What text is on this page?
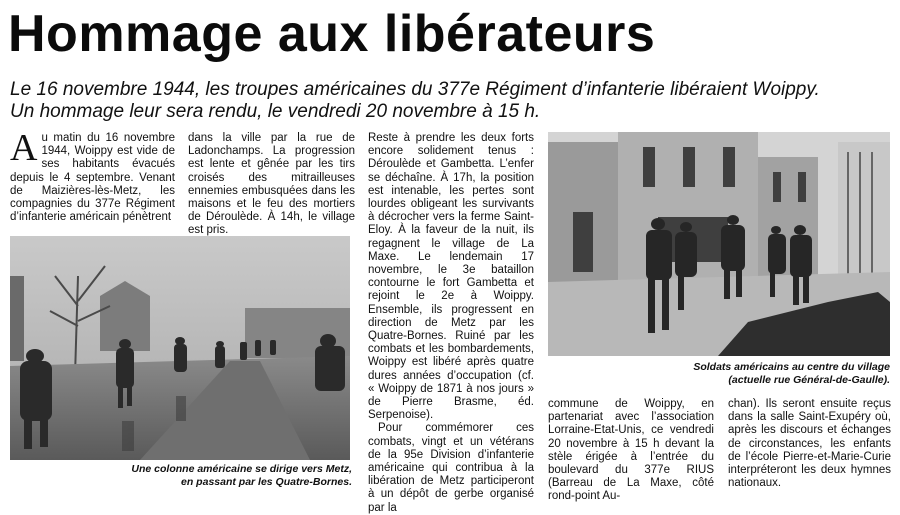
Hommage aux libérateurs
Le 16 novembre 1944, les troupes américaines du 377e Régiment d’infanterie libéraient Woippy.
Un hommage leur sera rendu, le vendredi 20 novembre à 15 h.

Au matin du 16 novembre 1944, Woippy est vide de ses habitants évacués depuis le 4 septembre. Venant de Maizières-lès-Metz, les compagnies du 377e Régiment d’infanterie américain pénètrent

dans la ville par la rue de Ladonchamps. La progression est lente et gênée par les tirs croisés des mitrailleuses ennemies embusquées dans les maisons et le feu des mortiers de Déroulède. À 14h, le village est pris.

Reste à prendre les deux forts encore solidement tenus : Déroulède et Gambetta. L’enfer se déchaîne. À 17h, la position est intenable, les pertes sont lourdes obligeant les survivants à décrocher vers la ferme Saint-Eloy. À la faveur de la nuit, ils regagnent le village de La Maxe. Le lendemain 17 novembre, le 3e bataillon contourne le fort Gambetta et rejoint le 2e à Woippy. Ensemble, ils progressent en direction de Metz par les Quatre-Bornes. Ruiné par les combats et les bombardements, Woippy est libéré après quatre dures années d’occupation (cf. « Woippy de 1871 à nos jours » de Pierre Brasme, éd. Serpenoise).

Pour commémorer ces combats, vingt et un vétérans de la 95e Division d’infanterie américaine qui contribua à la libération de Metz participeront à un dépôt de gerbe organisé par la

commune de Woippy, en partenariat avec l’association Lorraine-Etat-Unis, ce vendredi 20 novembre à 15 h devant la stèle érigée à l’entrée du boulevard du 377e RIUS (Barreau de La Maxe, côté rond-point Au-

chan). Ils seront ensuite reçus dans la salle Saint-Exupéry où, après les discours et échanges de circonstances, les enfants de l’école Pierre-et-Marie-Curie interpréteront les deux hymnes nationaux.

Une colonne américaine se dirige vers Metz,
en passant par les Quatre-Bornes.
Soldats américains au centre du village
(actuelle rue Général-de-Gaulle).
